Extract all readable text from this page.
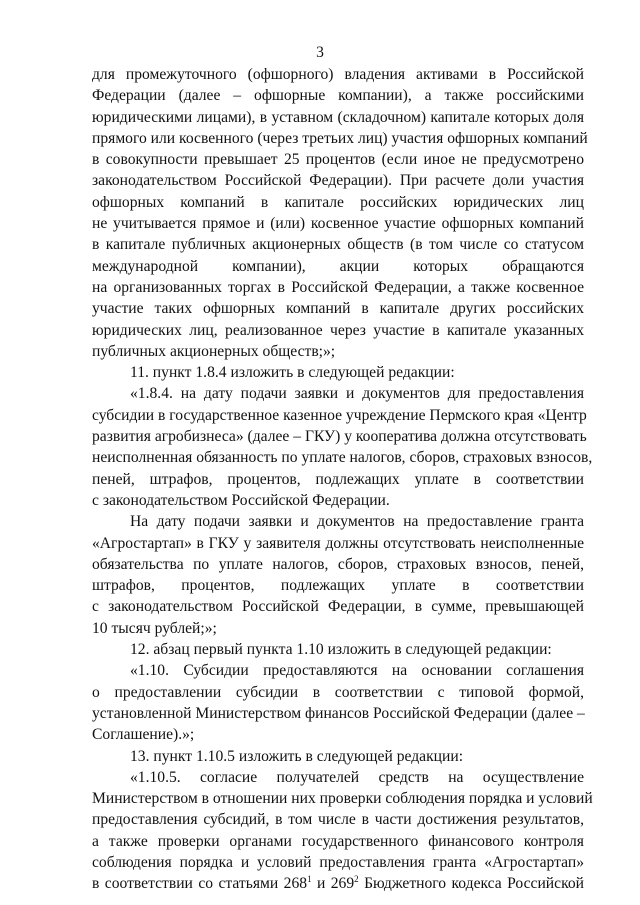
3
для промежуточного (офшорного) владения активами в Российской
Федерации (далее – офшорные компании), а также российскими
юридическими лицами), в уставном (складочном) капитале которых доля
прямого или косвенного (через третьих лиц) участия офшорных компаний
в совокупности превышает 25 процентов (если иное не предусмотрено
законодательством Российской Федерации). При расчете доли участия
офшорных компаний в капитале российских юридических лиц
не учитывается прямое и (или) косвенное участие офшорных компаний
в капитале публичных акционерных обществ (в том числе со статусом
международной компании), акции которых обращаются
на организованных торгах в Российской Федерации, а также косвенное
участие таких офшорных компаний в капитале других российских
юридических лиц, реализованное через участие в капитале указанных
публичных акционерных обществ;»;
11. пункт 1.8.4 изложить в следующей редакции:
«1.8.4. на дату подачи заявки и документов для предоставления
субсидии в государственное казенное учреждение Пермского края «Центр
развития агробизнеса» (далее – ГКУ) у кооператива должна отсутствовать
неисполненная обязанность по уплате налогов, сборов, страховых взносов,
пеней, штрафов, процентов, подлежащих уплате в соответствии
с законодательством Российской Федерации.
На дату подачи заявки и документов на предоставление гранта
«Агростартап» в ГКУ у заявителя должны отсутствовать неисполненные
обязательства по уплате налогов, сборов, страховых взносов, пеней,
штрафов, процентов, подлежащих уплате в соответствии
с законодательством Российской Федерации, в сумме, превышающей
10 тысяч рублей;»;
12. абзац первый пункта 1.10 изложить в следующей редакции:
«1.10. Субсидии предоставляются на основании соглашения
о предоставлении субсидии в соответствии с типовой формой,
установленной Министерством финансов Российской Федерации (далее –
Соглашение).»;
13. пункт 1.10.5 изложить в следующей редакции:
«1.10.5. согласие получателей средств на осуществление
Министерством в отношении них проверки соблюдения порядка и условий
предоставления субсидий, в том числе в части достижения результатов,
а также проверки органами государственного финансового контроля
соблюдения порядка и условий предоставления гранта «Агростартап»
в соответствии со статьями $268^1$ и $269^2$ Бюджетного кодекса Российской
